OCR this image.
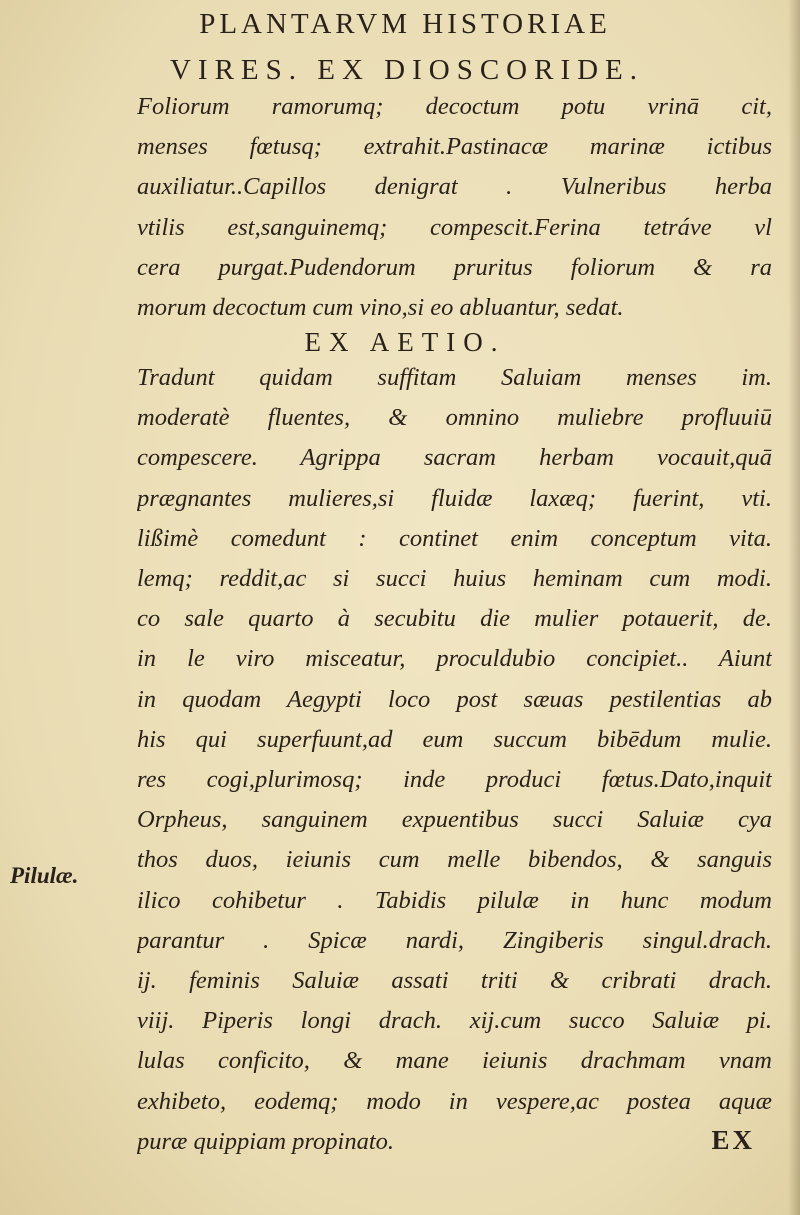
PLANTARVM HISTORIAE
VIRES. EX DIOSCORIDE.
Foliorum ramorumq; decoctum potu vrinā cit,
menses fœtusq; extrahit.Pastinacæ marinæ ictibus
auxiliatur..Capillos denigrat . Vulneribus herba
vtilis est,sanguinemq; compescit.Ferina tetráve vl
cera purgat.Pudendorum pruritus foliorum & ra
morum decoctum cum vino,si eo abluantur, sedat.
EX AETIO.
Tradunt quidam suffitam Saluiam menses im.
moderatè fluentes, & omnino muliebre profluuiū
compescere. Agrippa sacram herbam vocauit,quā
prægnantes mulieres,si fluidæ laxæq; fuerint, vti.
lißimè comedunt : continet enim conceptum vita.
lemq; reddit,ac si succi huius heminam cum modi.
co sale quarto à secubitu die mulier potauerit, de.
in le viro misceatur, proculdubio concipiet.. Aiunt
in quodam Aegypti loco post sæuas pestilentias ab
his qui superfuunt,ad eum succum bibēdum mulie.
res cogi,plurimosq; inde produci fœtus.Dato,inquit
Orpheus, sanguinem expuentibus succi Saluiæ cya
thos duos, ieiunis cum melle bibendos, & sanguis
ilico cohibetur . Tabidis pilulæ in hunc modum
parantur . Spicæ nardi, Zingiberis singul.drach.
ij. feminis Saluiæ assati triti & cribrati drach.
viij. Piperis longi drach. xij.cum succo Saluiæ pi.
lulas conficito, & mane ieiunis drachmam vnam
exhibeto, eodemq; modo in vespere,ac postea aquæ
puræ quippiam propinato.
Pilulæ.
EX
